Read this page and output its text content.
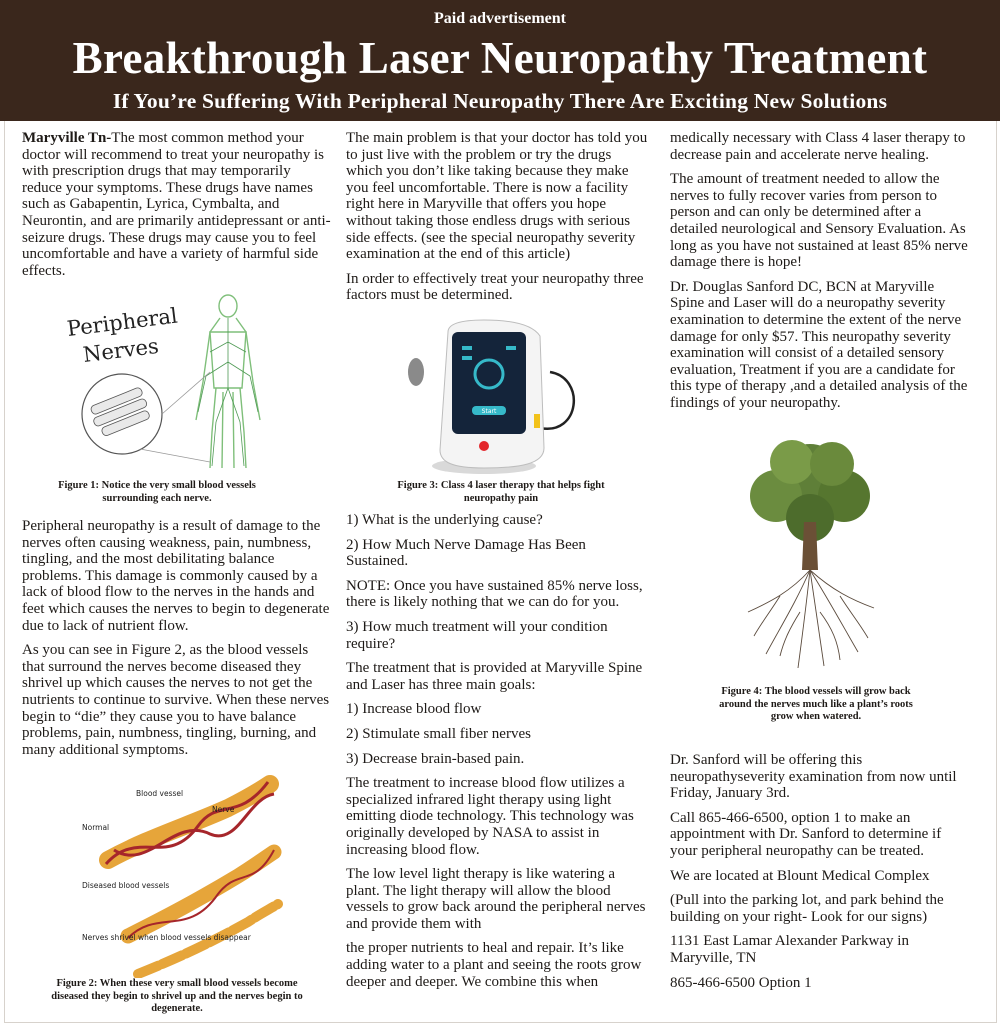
Paid advertisement
Breakthrough Laser Neuropathy Treatment
If You’re Suffering With Peripheral Neuropathy There Are Exciting New Solutions

Maryville Tn-The most common method your doctor will recommend to treat your neuropathy is with prescription drugs that may temporarily reduce your symptoms. These drugs have names such as Gabapentin, Lyrica, Cymbalta, and Neurontin, and are primarily antidepressant or anti-seizure drugs. These drugs may cause you to feel uncomfortable and have a variety of harmful side effects.

Peripheral
Nerves
Figure 1: Notice the very small blood vessels surrounding each nerve.

Peripheral neuropathy is a result of damage to the nerves often causing weakness, pain, numbness, tingling, and the most debilitating balance problems. This damage is commonly caused by a lack of blood flow to the nerves in the hands and feet which causes the nerves to begin to degenerate due to lack of nutrient flow.

As you can see in Figure 2, as the blood vessels that surround the nerves become diseased they shrivel up which causes the nerves to not get the nutrients to continue to survive. When these nerves begin to “die” they cause you to have balance problems, pain, numbness, tingling, burning, and many additional symptoms.

Blood vessel
Nerve
Normal
Diseased blood vessels
Nerves shrivel when blood vessels disappear
Figure 2: When these very small blood vessels become diseased they begin to shrivel up and the nerves begin to degenerate.

The main problem is that your doctor has told you to just live with the problem or try the drugs which you don’t like taking because they make you feel uncomfortable. There is now a facility right here in Maryville that offers you hope without taking those endless drugs with serious side effects. (see the special neuropathy severity examination at the end of this article)

In order to effectively treat your neuropathy three factors must be determined.

Start
Figure 3: Class 4 laser therapy that helps fight neuropathy pain

1) What is the underlying cause?

2) How Much Nerve Damage Has Been Sustained.

NOTE: Once you have sustained 85% nerve loss, there is likely nothing that we can do for you.

3) How much treatment will your condition require?

The treatment that is provided at Maryville Spine and Laser has three main goals:

1) Increase blood flow

2) Stimulate small fiber nerves

3) Decrease brain-based pain.

The treatment to increase blood flow utilizes a specialized infrared light therapy using light emitting diode technology. This technology was originally developed by NASA to assist in increasing blood flow.

The low level light therapy is like watering a plant. The light therapy will allow the blood vessels to grow back around the peripheral nerves and provide them with

the proper nutrients to heal and repair. It’s like adding water to a plant and seeing the roots grow deeper and deeper. We combine this when

medically necessary with Class 4 laser therapy to decrease pain and accelerate nerve healing.

The amount of treatment needed to allow the nerves to fully recover varies from person to person and can only be determined after a detailed neurological and Sensory Evaluation. As long as you have not sustained at least 85% nerve damage there is hope!

Dr. Douglas Sanford DC, BCN at Maryville Spine and Laser will do a neuropathy severity examination to determine the extent of the nerve damage for only $57. This neuropathy severity examination will consist of a detailed sensory evaluation, Treatment if you are a candidate for this type of therapy ,and a detailed analysis of the findings of your neuropathy.

Figure 4: The blood vessels will grow back around the nerves much like a plant’s roots grow when watered.

Dr. Sanford will be offering this neuropathyseverity examination from now until Friday, January 3rd.

Call 865-466-6500, option 1 to make an appointment with Dr. Sanford to determine if your peripheral neuropathy can be treated.

We are located at Blount Medical Complex

(Pull into the parking lot, and park behind the building on your right- Look for our signs)

1131 East Lamar Alexander Parkway in Maryville, TN

865-466-6500 Option 1
